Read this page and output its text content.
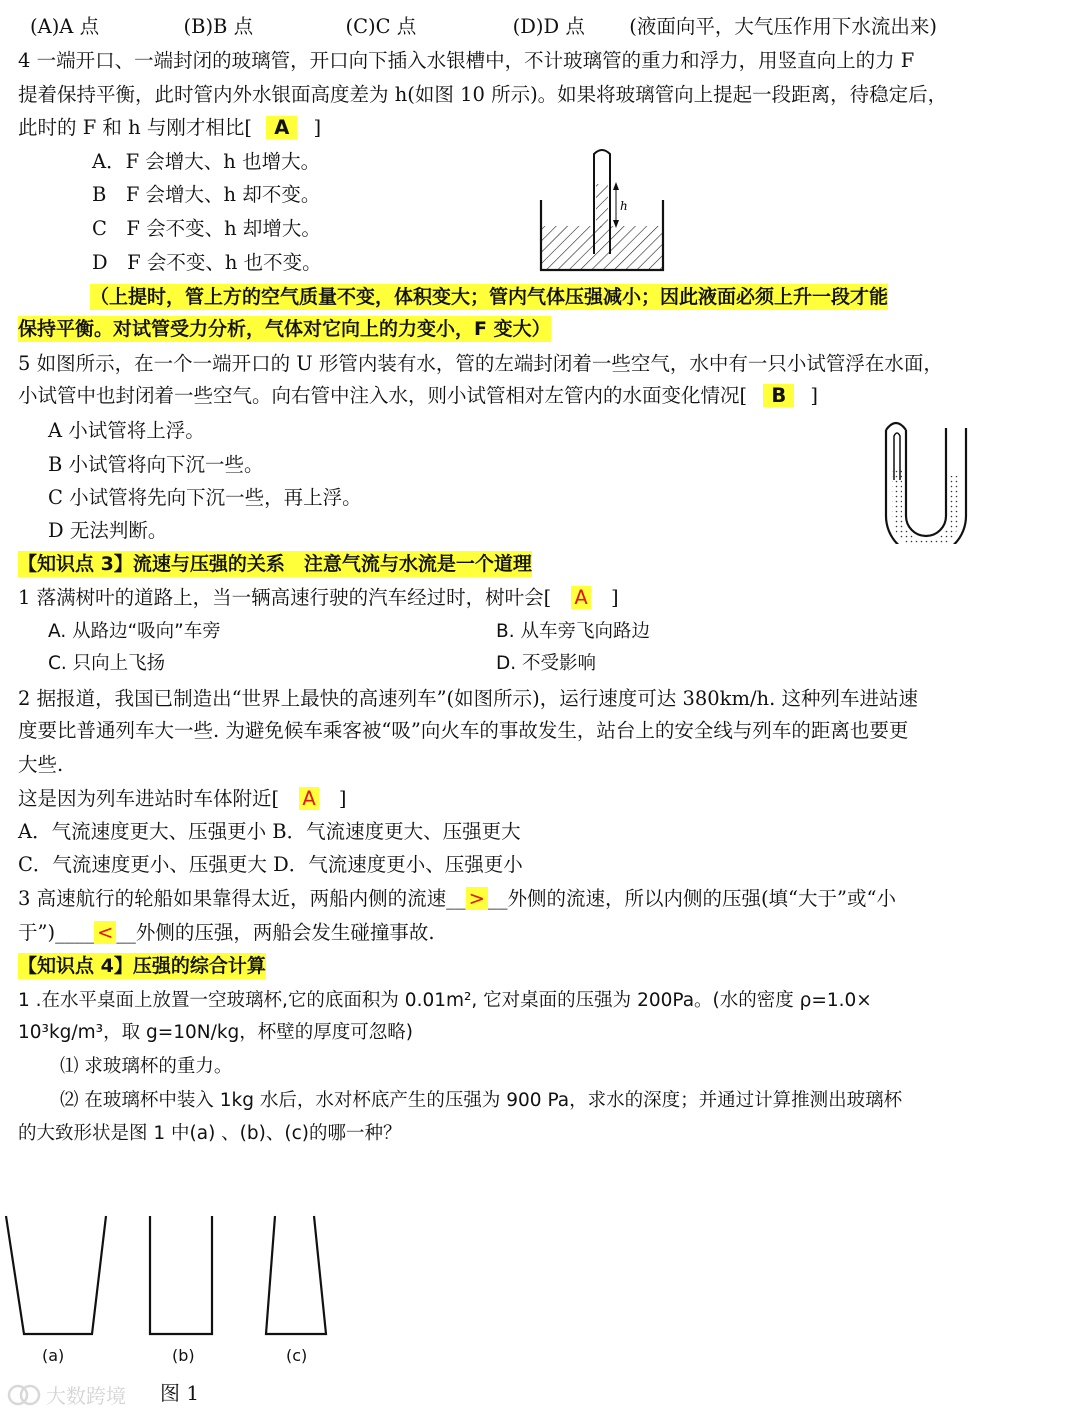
(A)A 点	(B)B 点	(C)C 点	(D)D 点 (液面向平，大气压作用下水流出来)
4 一端开口、一端封闭的玻璃管，开口向下插入水银槽中，不计玻璃管的重力和浮力，用竖直向上的力 F
提着保持平衡，此时管内外水银面高度差为 h(如图 10 所示)。如果将玻璃管向上提起一段距离，待稳定后，
此时的 F 和 h 与刚才相比[ A ]
A．F 会增大、h 也增大。
B　F 会增大、h 却不变。
C　F 会不变、h 却增大。
D　F 会不变、h 也不变。
h
（上提时，管上方的空气质量不变，体积变大；管内气体压强减小；因此液面必须上升一段才能
保持平衡。对试管受力分析，气体对它向上的力变小，F 变大）
5 如图所示，在一个一端开口的 U 形管内装有水，管的左端封闭着一些空气，水中有一只小试管浮在水面，
小试管中也封闭着一些空气。向右管中注入水，则小试管相对左管内的水面变化情况[ B ]
A 小试管将上浮。
B 小试管将向下沉一些。
C 小试管将先向下沉一些，再上浮。
D 无法判断。
【知识点 3】流速与压强的关系　注意气流与水流是一个道理
1 落满树叶的道路上，当一辆高速行驶的汽车经过时，树叶会[ A ]
A. 从路边“吸向”车旁	B. 从车旁飞向路边
C. 只向上飞扬	D. 不受影响
2 据报道，我国已制造出“世界上最快的高速列车”(如图所示)，运行速度可达 380km/h. 这种列车进站速
度要比普通列车大一些. 为避免候车乘客被“吸”向火车的事故发生，站台上的安全线与列车的距离也要更
大些.
这是因为列车进站时车体附近[ A ]
A．气流速度更大、压强更小 B．气流速度更大、压强更大
C．气流速度更小、压强更大 D．气流速度更小、压强更小
3 高速航行的轮船如果靠得太近，两船内侧的流速__ > __外侧的流速，所以内侧的压强(填“大于”或“小
于”)____ < __外侧的压强，两船会发生碰撞事故.
【知识点 4】压强的综合计算
1 .在水平桌面上放置一空玻璃杯,它的底面积为 0.01m², 它对桌面的压强为 200Pa。(水的密度 ρ=1.0×
10³kg/m³，取 g=10N/kg，杯壁的厚度可忽略)
⑴ 求玻璃杯的重力。
⑵ 在玻璃杯中装入 1kg 水后，水对杯底产生的压强为 900 Pa，求水的深度；并通过计算推测出玻璃杯
的大致形状是图 1 中(a) 、(b)、(c)的哪一种？
(a)	(b)	(c)
大数跨境 图 1
